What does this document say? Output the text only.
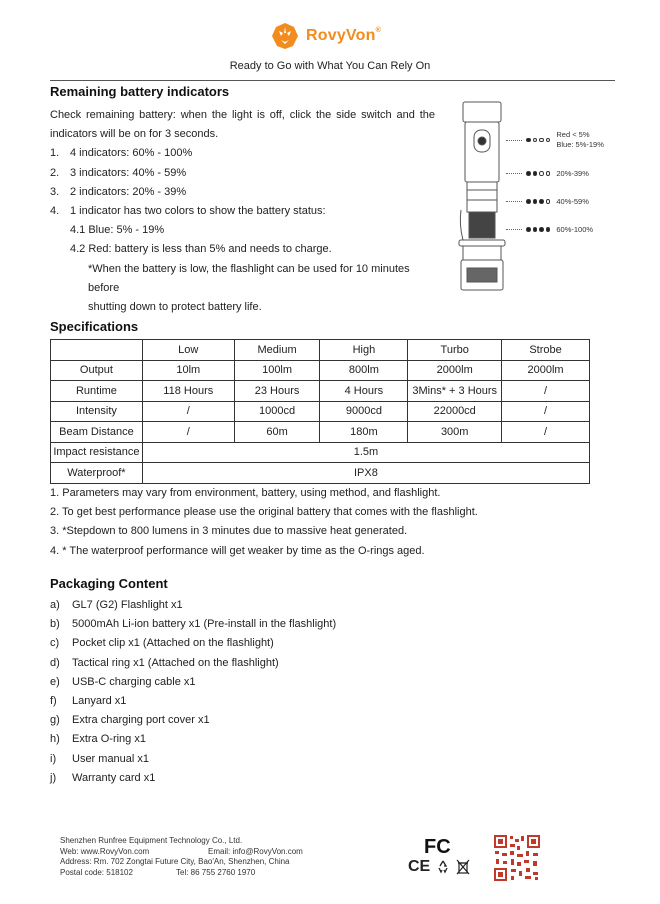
RovyVon®
Ready to Go with What You Can Rely On
Remaining battery indicators
Check remaining battery: when the light is off, click the side switch and the
indicators will be on for 3 seconds.
1. 4 indicators: 60% - 100%
2. 3 indicators: 40% - 59%
3. 2 indicators: 20% - 39%
4. 1 indicator has two colors to show the battery status:
4.1 Blue: 5% - 19%
4.2 Red: battery is less than 5% and needs to charge.
*When the battery is low, the flashlight can be used for 10 minutes before
shutting down to protect battery life.
Red < 5%
Blue: 5%-19%
20%-39%
40%-59%
60%-100%
Specifications
	Low	Medium	High	Turbo	Strobe
Output	10lm	100lm	800lm	2000lm	2000lm
Runtime	118 Hours	23 Hours	4 Hours	3Mins* + 3 Hours	/
Intensity	/	1000cd	9000cd	22000cd	/
Beam Distance	/	60m	180m	300m	/
Impact resistance	1.5m				
Waterproof*	IPX8				
1. Parameters may vary from environment, battery, using method, and flashlight.
2. To get best performance please use the original battery that comes with the flashlight.
3. *Stepdown to 800 lumens in 3 minutes due to massive heat generated.
4. * The waterproof performance will get weaker by time as the O-rings aged.
Packaging Content
a) GL7 (G2) Flashlight x1
b) 5000mAh Li-ion battery x1 (Pre-install in the flashlight)
c) Pocket clip x1 (Attached on the flashlight)
d) Tactical ring x1 (Attached on the flashlight)
e) USB-C charging cable x1
f) Lanyard x1
g) Extra charging port cover x1
h) Extra O-ring x1
i) User manual x1
j) Warranty card x1
Shenzhen Runfree Equipment Technology Co., Ltd.
Web: www.RovyVon.com	Email: info@RovyVon.com
Address: Rm. 702 Zongtai Future City, Bao'An, Shenzhen, China
Postal code: 518102	Tel: 86 755 2760 1970
FC
CE
